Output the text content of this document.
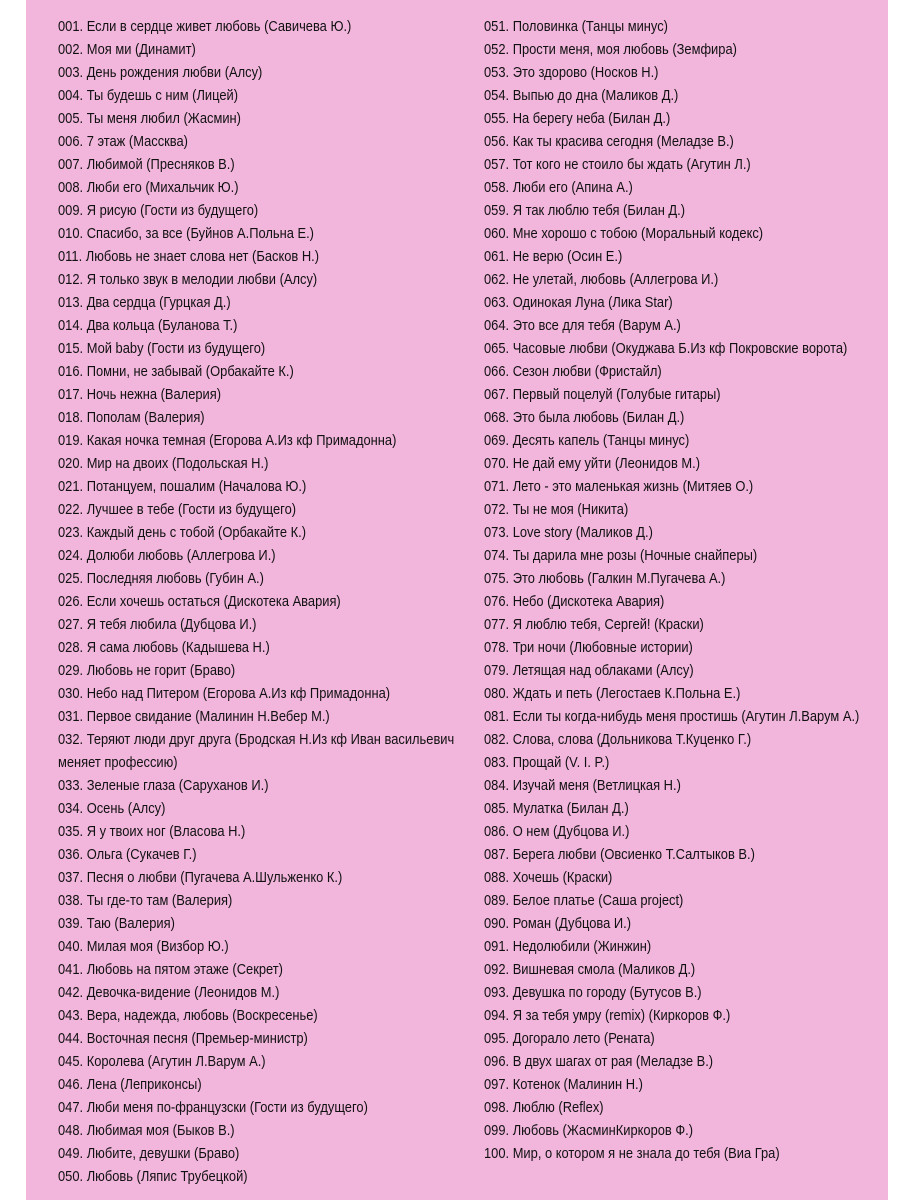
001. Если в сердце живет любовь (Савичева Ю.)
002. Моя ми (Динамит)
003. День рождения любви (Алсу)
004. Ты будешь с ним (Лицей)
005. Ты меня любил (Жасмин)
006. 7 этаж (Массква)
007. Любимой (Пресняков В.)
008. Люби его (Михальчик Ю.)
009. Я рисую (Гости из будущего)
010. Спасибо, за все (Буйнов А.Польна Е.)
011. Любовь не знает слова нет (Басков Н.)
012. Я только звук в мелодии любви (Алсу)
013. Два сердца (Гурцкая Д.)
014. Два кольца (Буланова Т.)
015. Мой baby (Гости из будущего)
016. Помни, не забывай (Орбакайте К.)
017. Ночь нежна (Валерия)
018. Пополам (Валерия)
019. Какая ночка темная (Егорова А.Из кф Примадонна)
020. Мир на двоих (Подольская Н.)
021. Потанцуем, пошалим (Началова Ю.)
022. Лучшее в тебе (Гости из будущего)
023. Каждый день с тобой (Орбакайте К.)
024. Долюби любовь (Аллегрова И.)
025. Последняя любовь (Губин А.)
026. Если хочешь остаться (Дискотека Авария)
027. Я тебя любила (Дубцова И.)
028. Я сама любовь (Кадышева Н.)
029. Любовь не горит (Браво)
030. Небо над Питером (Егорова А.Из кф Примадонна)
031. Первое свидание (Малинин Н.Вебер М.)
032. Теряют люди друг друга (Бродская Н.Из кф Иван васильевич меняет профессию)
033. Зеленые глаза (Саруханов И.)
034. Осень (Алсу)
035. Я у твоих ног (Власова Н.)
036. Ольга (Сукачев Г.)
037. Песня о любви (Пугачева А.Шульженко К.)
038. Ты где-то там (Валерия)
039. Таю (Валерия)
040. Милая моя (Визбор Ю.)
041. Любовь на пятом этаже (Секрет)
042. Девочка-видение (Леонидов М.)
043. Вера, надежда, любовь (Воскресенье)
044. Восточная песня (Премьер-министр)
045. Королева (Агутин Л.Варум А.)
046. Лена (Леприконсы)
047. Люби меня по-французски (Гости из будущего)
048. Любимая моя (Быков В.)
049. Любите, девушки (Браво)
050. Любовь (Ляпис Трубецкой)
051. Половинка (Танцы минус)
052. Прости меня, моя любовь (Земфира)
053. Это здорово (Носков Н.)
054. Выпью до дна (Маликов Д.)
055. На берегу неба (Билан Д.)
056. Как ты красива сегодня (Меладзе В.)
057. Тот кого не стоило бы ждать (Агутин Л.)
058. Люби его (Апина А.)
059. Я так люблю тебя (Билан Д.)
060. Мне хорошо с тобою (Моральный кодекс)
061. Не верю (Осин Е.)
062. Не улетай, любовь (Аллегрова И.)
063. Одинокая Луна (Лика Star)
064. Это все для тебя (Варум А.)
065. Часовые любви (Окуджава Б.Из кф Покровские ворота)
066. Сезон любви (Фристайл)
067. Первый поцелуй (Голубые гитары)
068. Это была любовь (Билан Д.)
069. Десять капель (Танцы минус)
070. Не дай ему уйти (Леонидов М.)
071. Лето - это маленькая жизнь (Митяев О.)
072. Ты не моя (Никита)
073. Love story (Маликов Д.)
074. Ты дарила мне розы (Ночные снайперы)
075. Это любовь (Галкин М.Пугачева А.)
076. Небо (Дискотека Авария)
077. Я люблю тебя, Сергей! (Краски)
078. Три ночи (Любовные истории)
079. Летящая над облаками (Алсу)
080. Ждать и петь (Легостаев К.Польна Е.)
081. Если ты когда-нибудь меня простишь (Агутин Л.Варум А.)
082. Слова, слова (Дольникова Т.Куценко Г.)
083. Прощай (V. I. P.)
084. Изучай меня (Ветлицкая Н.)
085. Мулатка (Билан Д.)
086. О нем (Дубцова И.)
087. Берега любви (Овсиенко Т.Салтыков В.)
088. Хочешь (Краски)
089. Белое платье (Саша project)
090. Роман (Дубцова И.)
091. Недолюбили (Жинжин)
092. Вишневая смола (Маликов Д.)
093. Девушка по городу (Бутусов В.)
094. Я за тебя умру (remix) (Киркоров Ф.)
095. Догорало лето (Рената)
096. В двух шагах от рая (Меладзе В.)
097. Котенок (Малинин Н.)
098. Люблю (Reflex)
099. Любовь (ЖасминКиркоров Ф.)
100. Мир, о котором я не знала до тебя (Виа Гра)
